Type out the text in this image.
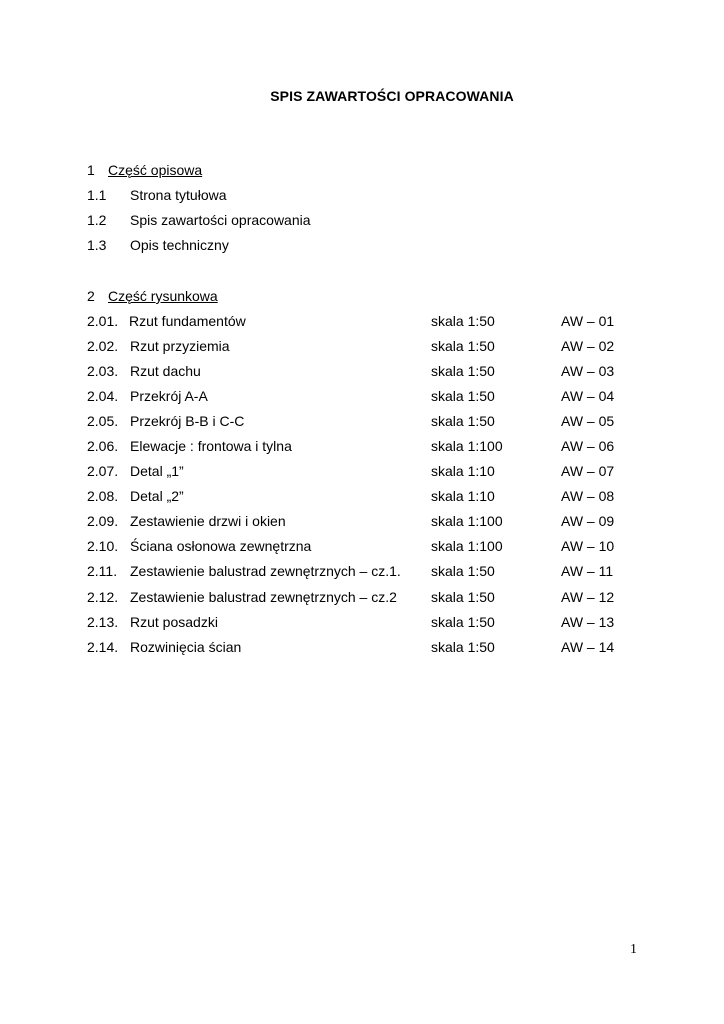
SPIS ZAWARTOŚCI OPRACOWANIA
1 Część opisowa
1.1 Strona tytułowa
1.2 Spis zawartości opracowania
1.3 Opis techniczny
2 Część rysunkowa
2.01. Rzut fundamentów	skala 1:50	AW – 01
2.02. Rzut przyziemia	skala 1:50	AW – 02
2.03. Rzut dachu	skala 1:50	AW – 03
2.04. Przekrój A-A	skala 1:50	AW – 04
2.05. Przekrój B-B i C-C	skala 1:50	AW – 05
2.06. Elewacje : frontowa i tylna	skala 1:100	AW – 06
2.07. Detal „1”	skala 1:10	AW – 07
2.08. Detal „2”	skala 1:10	AW – 08
2.09. Zestawienie drzwi i okien	skala 1:100	AW – 09
2.10. Ściana osłonowa zewnętrzna	skala 1:100	AW – 10
2.11. Zestawienie balustrad zewnętrznych – cz.1. skala 1:50	AW – 11
2.12. Zestawienie balustrad zewnętrznych – cz.2 skala 1:50	AW – 12
2.13. Rzut posadzki	skala 1:50	AW – 13
2.14. Rozwinięcia ścian	skala 1:50	AW – 14
1
